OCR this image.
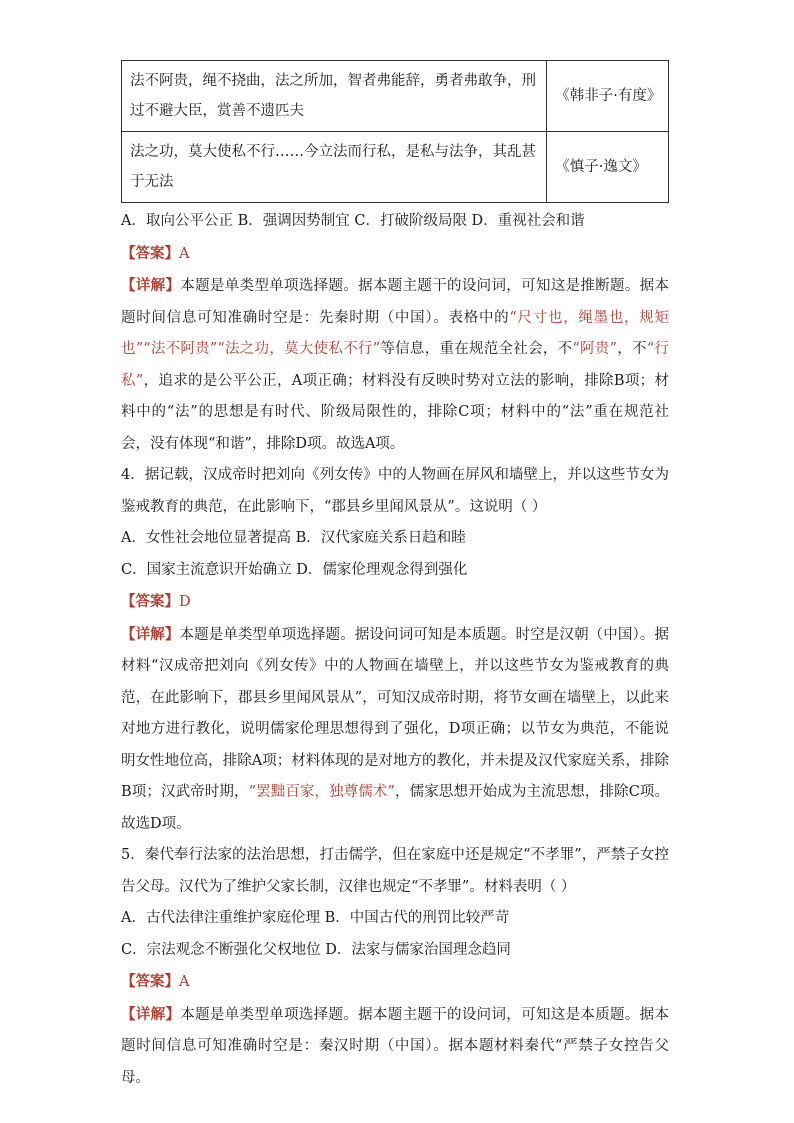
法不阿贵，绳不挠曲，法之所加，智者弗能辞，勇者弗敢争，刑过不避大臣，赏善不遗匹夫	《韩非子·有度》
法之功，莫大使私不行……今立法而行私，是私与法争，其乱甚于无法	《慎子·逸文》
A．取向公平公正 B．强调因势制宜 C．打破阶级局限 D．重视社会和谐
【答案】A
【详解】本题是单类型单项选择题。据本题主题干的设问词，可知这是推断题。据本题时间信息可知准确时空是：先秦时期（中国）。表格中的“尺寸也，绳墨也，规矩也”“法不阿贵”“法之功，莫大使私不行”等信息，重在规范全社会，不“阿贵”，不“行私”，追求的是公平公正，A项正确；材料没有反映时势对立法的影响，排除B项；材料中的“法”的思想是有时代、阶级局限性的，排除C项；材料中的“法”重在规范社会，没有体现“和谐”，排除D项。故选A项。
4．据记载，汉成帝时把刘向《列女传》中的人物画在屏风和墙壁上，并以这些节女为鉴戒教育的典范，在此影响下，“郡县乡里闻风景从”。这说明（ ）
A．女性社会地位显著提高 B．汉代家庭关系日趋和睦
C．国家主流意识开始确立 D．儒家伦理观念得到强化
【答案】D
【详解】本题是单类型单项选择题。据设问词可知是本质题。时空是汉朝（中国）。据材料“汉成帝把刘向《列女传》中的人物画在墙壁上，并以这些节女为鉴戒教育的典范，在此影响下，郡县乡里闻风景从”，可知汉成帝时期，将节女画在墙壁上，以此来对地方进行教化，说明儒家伦理思想得到了强化，D项正确；以节女为典范，不能说明女性地位高，排除A项；材料体现的是对地方的教化，并未提及汉代家庭关系，排除B项；汉武帝时期，“罢黜百家，独尊儒术”，儒家思想开始成为主流思想，排除C项。故选D项。
5．秦代奉行法家的法治思想，打击儒学，但在家庭中还是规定“不孝罪”，严禁子女控告父母。汉代为了维护父家长制，汉律也规定“不孝罪”。材料表明（ ）
A．古代法律注重维护家庭伦理 B．中国古代的刑罚比较严苛
C．宗法观念不断强化父权地位 D．法家与儒家治国理念趋同
【答案】A
【详解】本题是单类型单项选择题。据本题主题干的设问词，可知这是本质题。据本题时间信息可知准确时空是：秦汉时期（中国）。据本题材料秦代“严禁子女控告父母。
